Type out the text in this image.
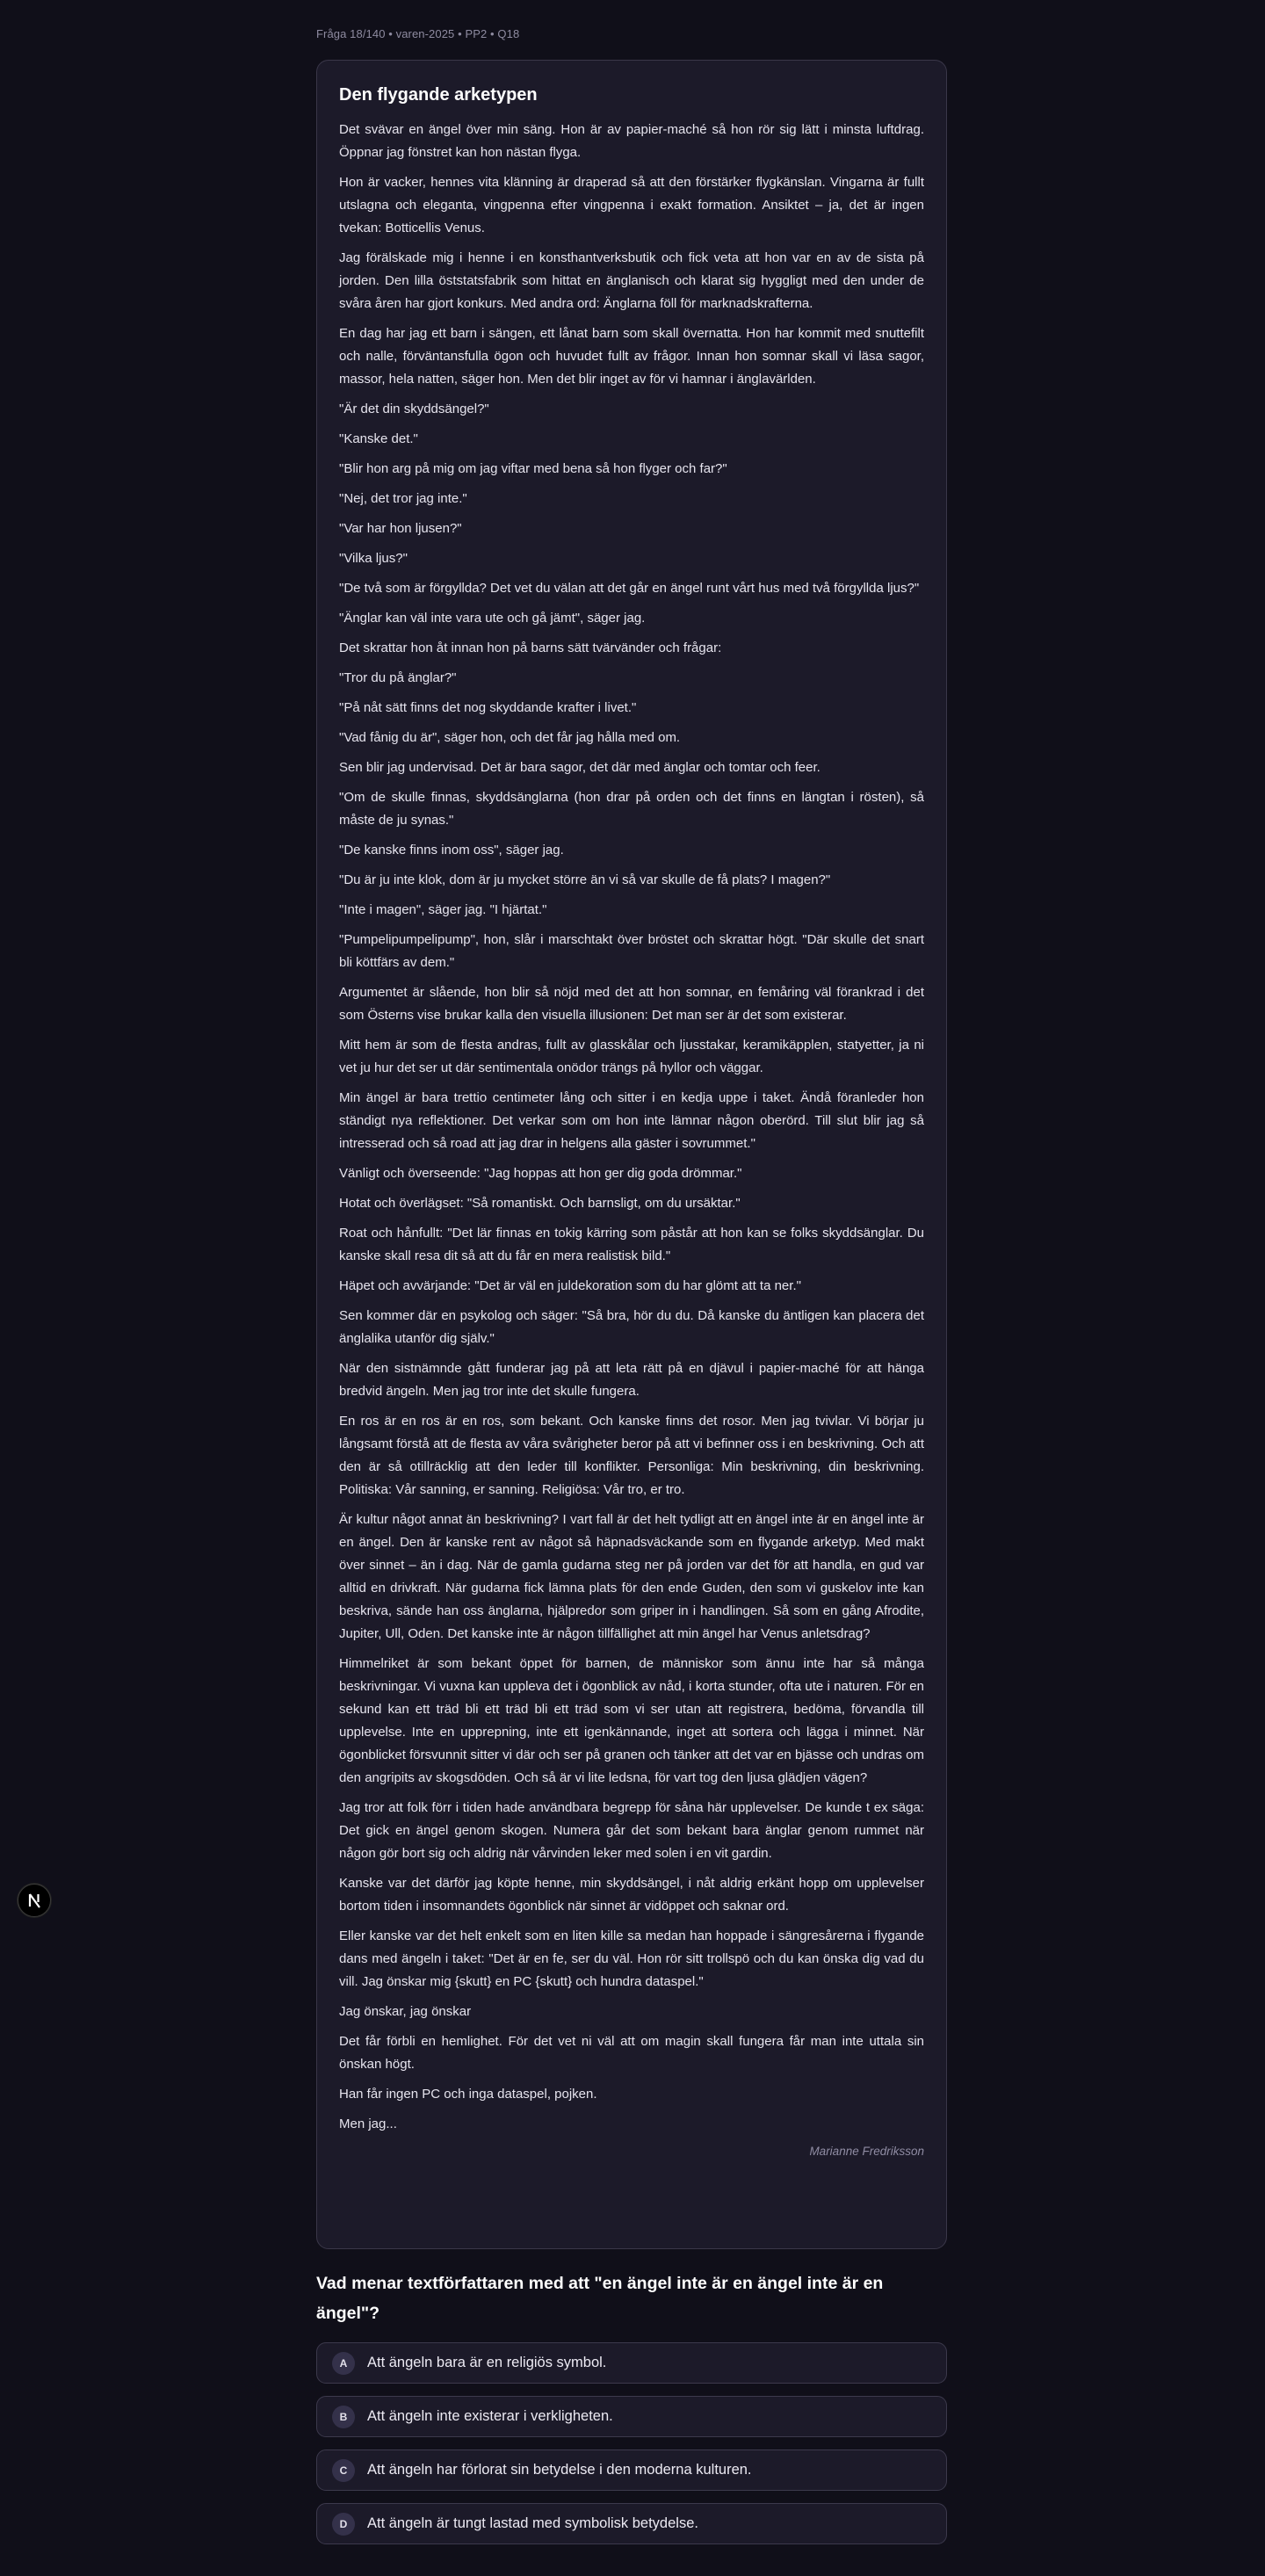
Fråga 18/140 • varen-2025 • PP2 • Q18
Den flygande arketypen

Det svävar en ängel över min säng. Hon är av papier-maché så hon rör sig lätt i minsta luftdrag. Öppnar jag fönstret kan hon nästan flyga.

Hon är vacker, hennes vita klänning är draperad så att den förstärker flygkänslan. Vingarna är fullt utslagna och eleganta, vingpenna efter vingpenna i exakt formation. Ansiktet – ja, det är ingen tvekan: Botticellis Venus.

Jag förälskade mig i henne i en konsthantverksbutik och fick veta att hon var en av de sista på jorden. Den lilla öststatsfabrik som hittat en änglanisch och klarat sig hyggligt med den under de svåra åren har gjort konkurs. Med andra ord: Änglarna föll för marknadskrafterna.

En dag har jag ett barn i sängen, ett lånat barn som skall övernatta. Hon har kommit med snuttefilt och nalle, förväntansfulla ögon och huvudet fullt av frågor. Innan hon somnar skall vi läsa sagor, massor, hela natten, säger hon. Men det blir inget av för vi hamnar i änglavärlden.

"Är det din skyddsängel?"

"Kanske det."

"Blir hon arg på mig om jag viftar med bena så hon flyger och far?"

"Nej, det tror jag inte."

"Var har hon ljusen?"

"Vilka ljus?"

"De två som är förgyllda? Det vet du välan att det går en ängel runt vårt hus med två förgyllda ljus?"

"Änglar kan väl inte vara ute och gå jämt", säger jag.

Det skrattar hon åt innan hon på barns sätt tvärvänder och frågar:

"Tror du på änglar?"

"På nåt sätt finns det nog skyddande krafter i livet."

"Vad fånig du är", säger hon, och det får jag hålla med om.

Sen blir jag undervisad. Det är bara sagor, det där med änglar och tomtar och feer.

"Om de skulle finnas, skyddsänglarna (hon drar på orden och det finns en längtan i rösten), så måste de ju synas."

"De kanske finns inom oss", säger jag.

"Du är ju inte klok, dom är ju mycket större än vi så var skulle de få plats? I magen?"

"Inte i magen", säger jag. "I hjärtat."

"Pumpelipumpelipump", hon, slår i marschtakt över bröstet och skrattar högt. "Där skulle det snart bli köttfärs av dem."

Argumentet är slående, hon blir så nöjd med det att hon somnar, en femåring väl förankrad i det som Österns vise brukar kalla den visuella illusionen: Det man ser är det som existerar.

Mitt hem är som de flesta andras, fullt av glasskålar och ljusstakar, keramikäpplen, statyetter, ja ni vet ju hur det ser ut där sentimentala onödor trängs på hyllor och väggar.

Min ängel är bara trettio centimeter lång och sitter i en kedja uppe i taket. Ändå föranleder hon ständigt nya reflektioner. Det verkar som om hon inte lämnar någon oberörd. Till slut blir jag så intresserad och så road att jag drar in helgens alla gäster i sovrummet."

Vänligt och överseende: "Jag hoppas att hon ger dig goda drömmar."

Hotat och överlägset: "Så romantiskt. Och barnsligt, om du ursäktar."

Roat och hånfullt: "Det lär finnas en tokig kärring som påstår att hon kan se folks skyddsänglar. Du kanske skall resa dit så att du får en mera realistisk bild."

Häpet och avvärjande: "Det är väl en juldekoration som du har glömt att ta ner."

Sen kommer där en psykolog och säger: "Så bra, hör du du. Då kanske du äntligen kan placera det änglalika utanför dig själv."

När den sistnämnde gått funderar jag på att leta rätt på en djävul i papier-maché för att hänga bredvid ängeln. Men jag tror inte det skulle fungera.

En ros är en ros är en ros, som bekant. Och kanske finns det rosor. Men jag tvivlar. Vi börjar ju långsamt förstå att de flesta av våra svårigheter beror på att vi befinner oss i en beskrivning. Och att den är så otillräcklig att den leder till konflikter. Personliga: Min beskrivning, din beskrivning. Politiska: Vår sanning, er sanning. Religiösa: Vår tro, er tro.

Är kultur något annat än beskrivning? I vart fall är det helt tydligt att en ängel inte är en ängel inte är en ängel. Den är kanske rent av något så häpnadsväckande som en flygande arketyp. Med makt över sinnet – än i dag. När de gamla gudarna steg ner på jorden var det för att handla, en gud var alltid en drivkraft. När gudarna fick lämna plats för den ende Guden, den som vi guskelov inte kan beskriva, sände han oss änglarna, hjälpredor som griper in i handlingen. Så som en gång Afrodite, Jupiter, Ull, Oden. Det kanske inte är någon tillfällighet att min ängel har Venus anletsdrag?

Himmelriket är som bekant öppet för barnen, de människor som ännu inte har så många beskrivningar. Vi vuxna kan uppleva det i ögonblick av nåd, i korta stunder, ofta ute i naturen. För en sekund kan ett träd bli ett träd bli ett träd som vi ser utan att registrera, bedöma, förvandla till upplevelse. Inte en upprepning, inte ett igenkännande, inget att sortera och lägga i minnet. När ögonblicket försvunnit sitter vi där och ser på granen och tänker att det var en bjässe och undras om den angripits av skogsdöden. Och så är vi lite ledsna, för vart tog den ljusa glädjen vägen?

Jag tror att folk förr i tiden hade användbara begrepp för såna här upplevelser. De kunde t ex säga: Det gick en ängel genom skogen. Numera går det som bekant bara änglar genom rummet när någon gör bort sig och aldrig när vårvinden leker med solen i en vit gardin.

Kanske var det därför jag köpte henne, min skyddsängel, i nåt aldrig erkänt hopp om upplevelser bortom tiden i insomnandets ögonblick när sinnet är vidöppet och saknar ord.

Eller kanske var det helt enkelt som en liten kille sa medan han hoppade i sängresårerna i flygande dans med ängeln i taket: "Det är en fe, ser du väl. Hon rör sitt trollspö och du kan önska dig vad du vill. Jag önskar mig {skutt} en PC {skutt} och hundra dataspel."

Jag önskar, jag önskar

Det får förbli en hemlighet. För det vet ni väl att om magin skall fungera får man inte uttala sin önskan högt.

Han får ingen PC och inga dataspel, pojken.

Men jag...

Marianne Fredriksson
Vad menar textförfattaren med att "en ängel inte är en ängel inte är en ängel"?
A	Att ängeln bara är en religiös symbol.
B	Att ängeln inte existerar i verkligheten.
C	Att ängeln har förlorat sin betydelse i den moderna kulturen.
D	Att ängeln är tungt lastad med symbolisk betydelse.
